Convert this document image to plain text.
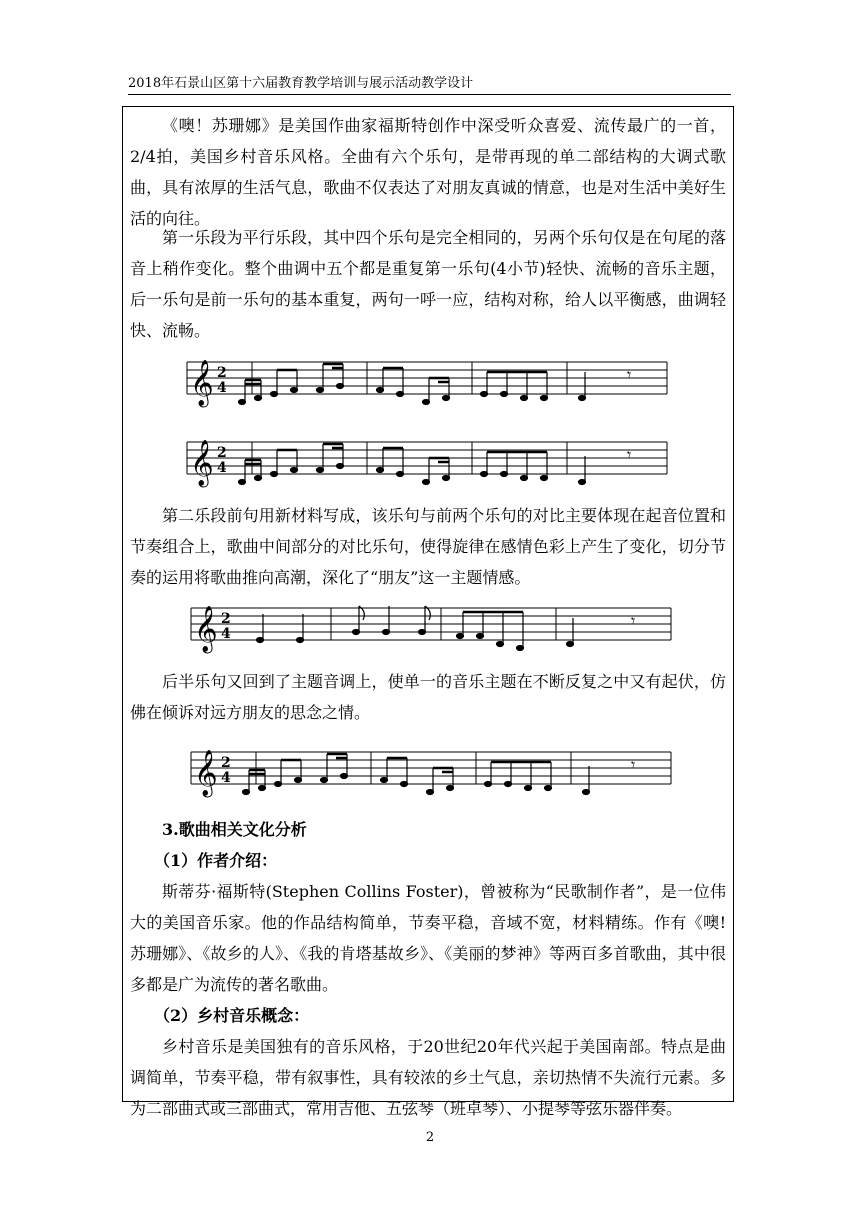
2018年石景山区第十六届教育教学培训与展示活动教学设计

《噢！苏珊娜》是美国作曲家福斯特创作中深受听众喜爱、流传最广的一首，2/4拍，美国乡村音乐风格。全曲有六个乐句，是带再现的单二部结构的大调式歌曲，具有浓厚的生活气息，歌曲不仅表达了对朋友真诚的情意，也是对生活中美好生活的向往。

第一乐段为平行乐段，其中四个乐句是完全相同的，另两个乐句仅是在句尾的落音上稍作变化。整个曲调中五个都是重复第一乐句(4小节)轻快、流畅的音乐主题，后一乐句是前一乐句的基本重复，两句一呼一应，结构对称，给人以平衡感，曲调轻快、流畅。

𝄞 2
4
𝄾
𝄞 2
4
𝄾

第二乐段前句用新材料写成，该乐句与前两个乐句的对比主要体现在起音位置和节奏组合上，歌曲中间部分的对比乐句，使得旋律在感情色彩上产生了变化，切分节奏的运用将歌曲推向高潮，深化了“朋友”这一主题情感。

𝄞 2
4
𝄾

后半乐句又回到了主题音调上，使单一的音乐主题在不断反复之中又有起伏，仿佛在倾诉对远方朋友的思念之情。

𝄞 2
4
𝄾

3.歌曲相关文化分析

（1）作者介绍：

斯蒂芬·福斯特(Stephen Collins Foster)，曾被称为“民歌制作者”，是一位伟大的美国音乐家。他的作品结构简单，节奏平稳，音域不宽，材料精练。作有《噢!苏珊娜》、《故乡的人》、《我的肯塔基故乡》、《美丽的梦神》等两百多首歌曲，其中很多都是广为流传的著名歌曲。

（2）乡村音乐概念：

乡村音乐是美国独有的音乐风格，于20世纪20年代兴起于美国南部。特点是曲调简单，节奏平稳，带有叙事性，具有较浓的乡土气息，亲切热情不失流行元素。多为二部曲式或三部曲式，常用吉他、五弦琴（班卓琴）、小提琴等弦乐器伴奏。

2
